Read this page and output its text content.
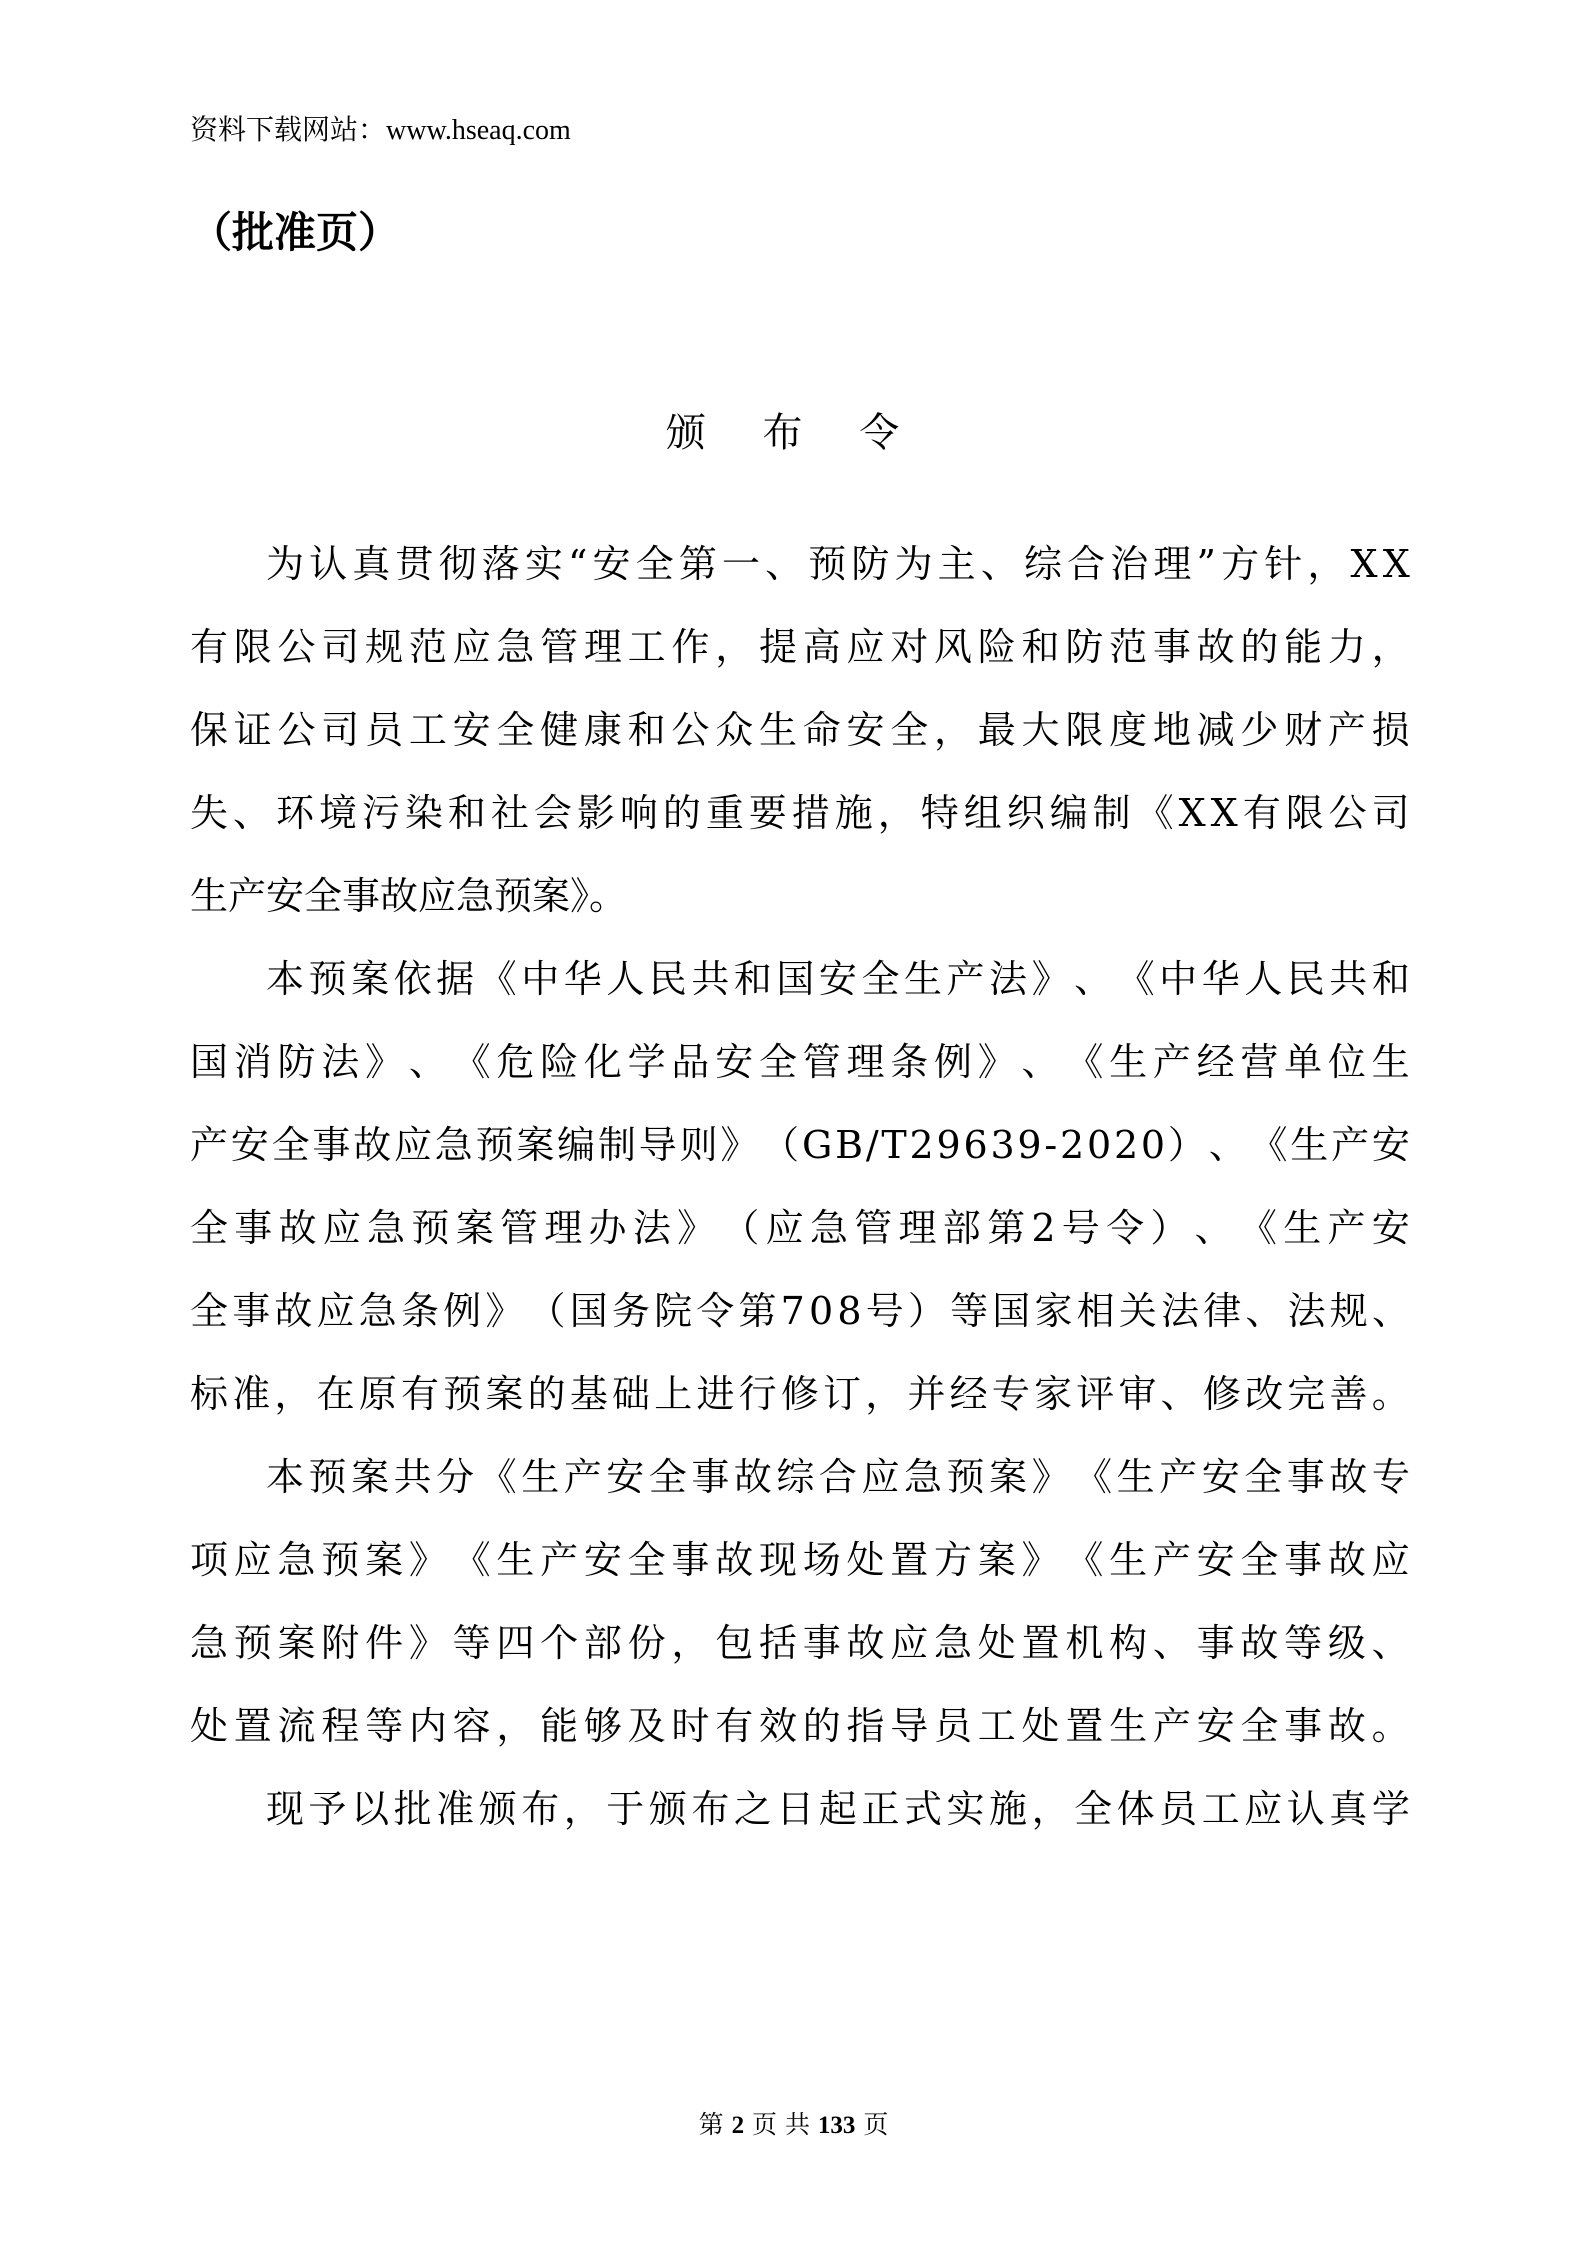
资料下载网站：www.hseaq.com
（批准页）
颁 布 令
为 认 真 贯 彻 落 实 “ 安 全 第 一 、 预 防 为 主 、 综 合 治 理 ” 方 针 ， X X
有 限 公 司 规 范 应 急 管 理 工 作 ， 提 高 应 对 风 险 和 防 范 事 故 的 能 力 ，
保 证 公 司 员 工 安 全 健 康 和 公 众 生 命 安 全 ， 最 大 限 度 地 减 少 财 产 损
失 、 环 境 污 染 和 社 会 影 响 的 重 要 措 施 ， 特 组 织 编 制 《 X X 有 限 公 司
生产安全事故应急预案》。
本 预 案 依 据 《 中 华 人 民 共 和 国 安 全 生 产 法 》 、 《 中 华 人 民 共 和
国 消 防 法 》 、 《 危 险 化 学 品 安 全 管 理 条 例 》 、 《 生 产 经 营 单 位 生
产 安 全 事 故 应 急 预 案 编 制 导 则 》 （ G B / T 2 9 6 3 9 - 2 0 2 0 ） 、 《 生 产 安
全 事 故 应 急 预 案 管 理 办 法 》 （ 应 急 管 理 部 第 2 号 令 ） 、 《 生 产 安
全 事 故 应 急 条 例 》 （ 国 务 院 令 第 7 0 8 号 ） 等 国 家 相 关 法 律 、 法 规 、
标 准 ， 在 原 有 预 案 的 基 础 上 进 行 修 订 ， 并 经 专 家 评 审 、 修 改 完 善 。
本 预 案 共 分 《 生 产 安 全 事 故 综 合 应 急 预 案 》 《 生 产 安 全 事 故 专
项 应 急 预 案 》 《 生 产 安 全 事 故 现 场 处 置 方 案 》 《 生 产 安 全 事 故 应
急 预 案 附 件 》 等 四 个 部 份 ， 包 括 事 故 应 急 处 置 机 构 、 事 故 等 级 、
处 置 流 程 等 内 容 ， 能 够 及 时 有 效 的 指 导 员 工 处 置 生 产 安 全 事 故 。
现 予 以 批 准 颁 布 ， 于 颁 布 之 日 起 正 式 实 施 ， 全 体 员 工 应 认 真 学
第 2 页 共 133 页
